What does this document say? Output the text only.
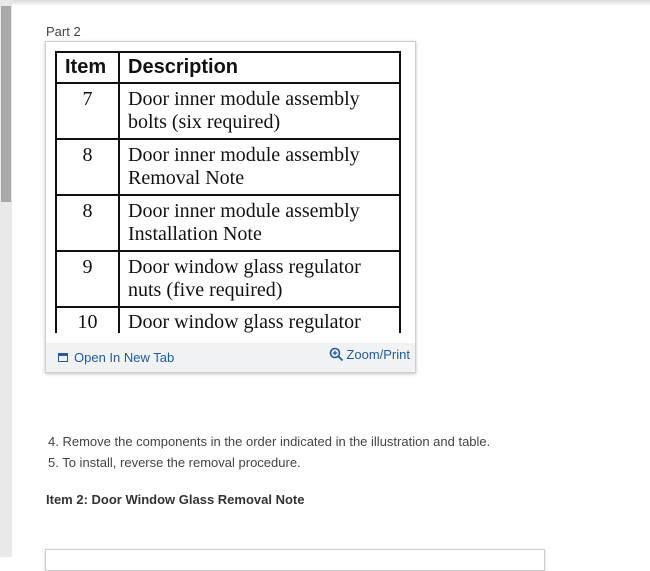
Part 2
Item	Description
7	Door inner module assembly bolts (six required)
8	Door inner module assembly Removal Note
8	Door inner module assembly Installation Note
9	Door window glass regulator nuts (five required)
10	Door window glass regulator
Open In New Tab	Zoom/Print
4. Remove the components in the order indicated in the illustration and table.
5. To install, reverse the removal procedure.
Item 2: Door Window Glass Removal Note
